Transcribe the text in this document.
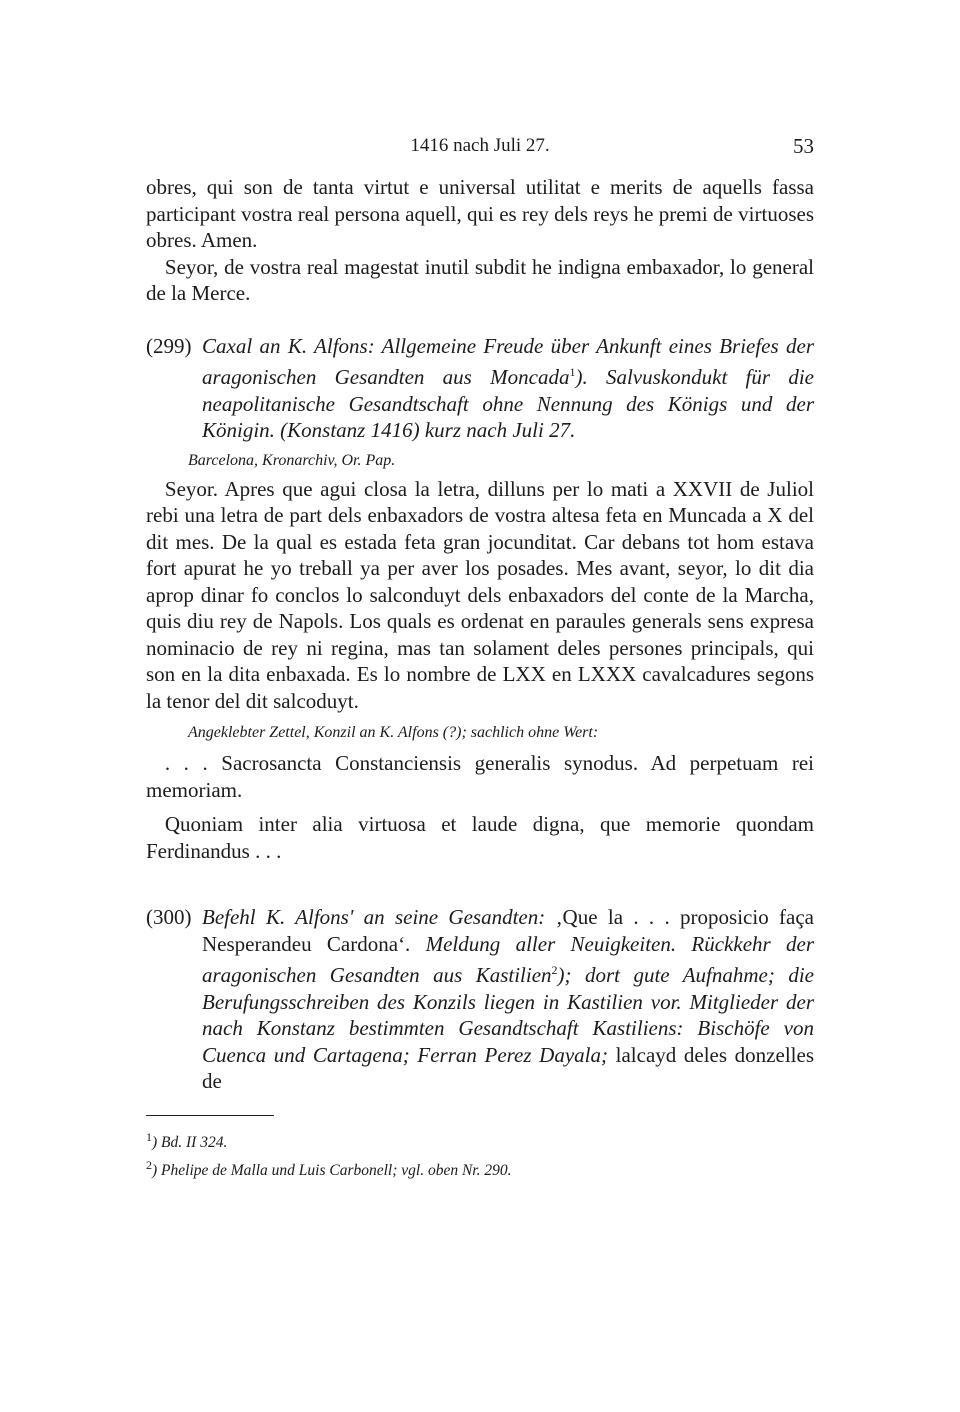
1416 nach Juli 27.	53

obres, qui son de tanta virtut e universal utilitat e merits de aquells fassa participant vostra real persona aquell, qui es rey dels reys he premi de virtuoses obres. Amen.

Seyor, de vostra real magestat inutil subdit he indigna embaxador, lo general de la Merce.

(299) Caxal an K. Alfons: Allgemeine Freude über Ankunft eines Briefes der aragonischen Gesandten aus Moncada$^1$). Salvuskondukt für die neapolitanische Gesandtschaft ohne Nennung des Königs und der Königin. (Konstanz 1416) kurz nach Juli 27.
Barcelona, Kronarchiv, Or. Pap.

Seyor. Apres que agui closa la letra, dilluns per lo mati a XXVII de Juliol rebi una letra de part dels enbaxadors de vostra altesa feta en Muncada a X del dit mes. De la qual es estada feta gran jocunditat. Car debans tot hom estava fort apurat he yo treball ya per aver los posades. Mes avant, seyor, lo dit dia aprop dinar fo conclos lo salconduyt dels enbaxadors del conte de la Marcha, quis diu rey de Napols. Los quals es ordenat en paraules generals sens expresa nominacio de rey ni regina, mas tan solament deles persones principals, qui son en la dita enbaxada. Es lo nombre de LXX en LXXX cavalcadures segons la tenor del dit salcoduyt.

Angeklebter Zettel, Konzil an K. Alfons (?); sachlich ohne Wert:

. . . Sacrosancta Constanciensis generalis synodus. Ad perpetuam rei memoriam.

Quoniam inter alia virtuosa et laude digna, que memorie quondam Ferdinandus . . .

(300) Befehl K. Alfons' an seine Gesandten: ‚Que la . . . proposicio faça Nesperandeu Cardona‘. Meldung aller Neuigkeiten. Rückkehr der aragonischen Gesandten aus Kastilien$^2$); dort gute Aufnahme; die Berufungsschreiben des Konzils liegen in Kastilien vor. Mitglieder der nach Konstanz bestimmten Gesandtschaft Kastiliens: Bischöfe von Cuenca und Cartagena; Ferran Perez Dayala; lalcayd deles donzelles de
$^1$) Bd. II 324.
$^2$) Phelipe de Malla und Luis Carbonell; vgl. oben Nr. 290.
